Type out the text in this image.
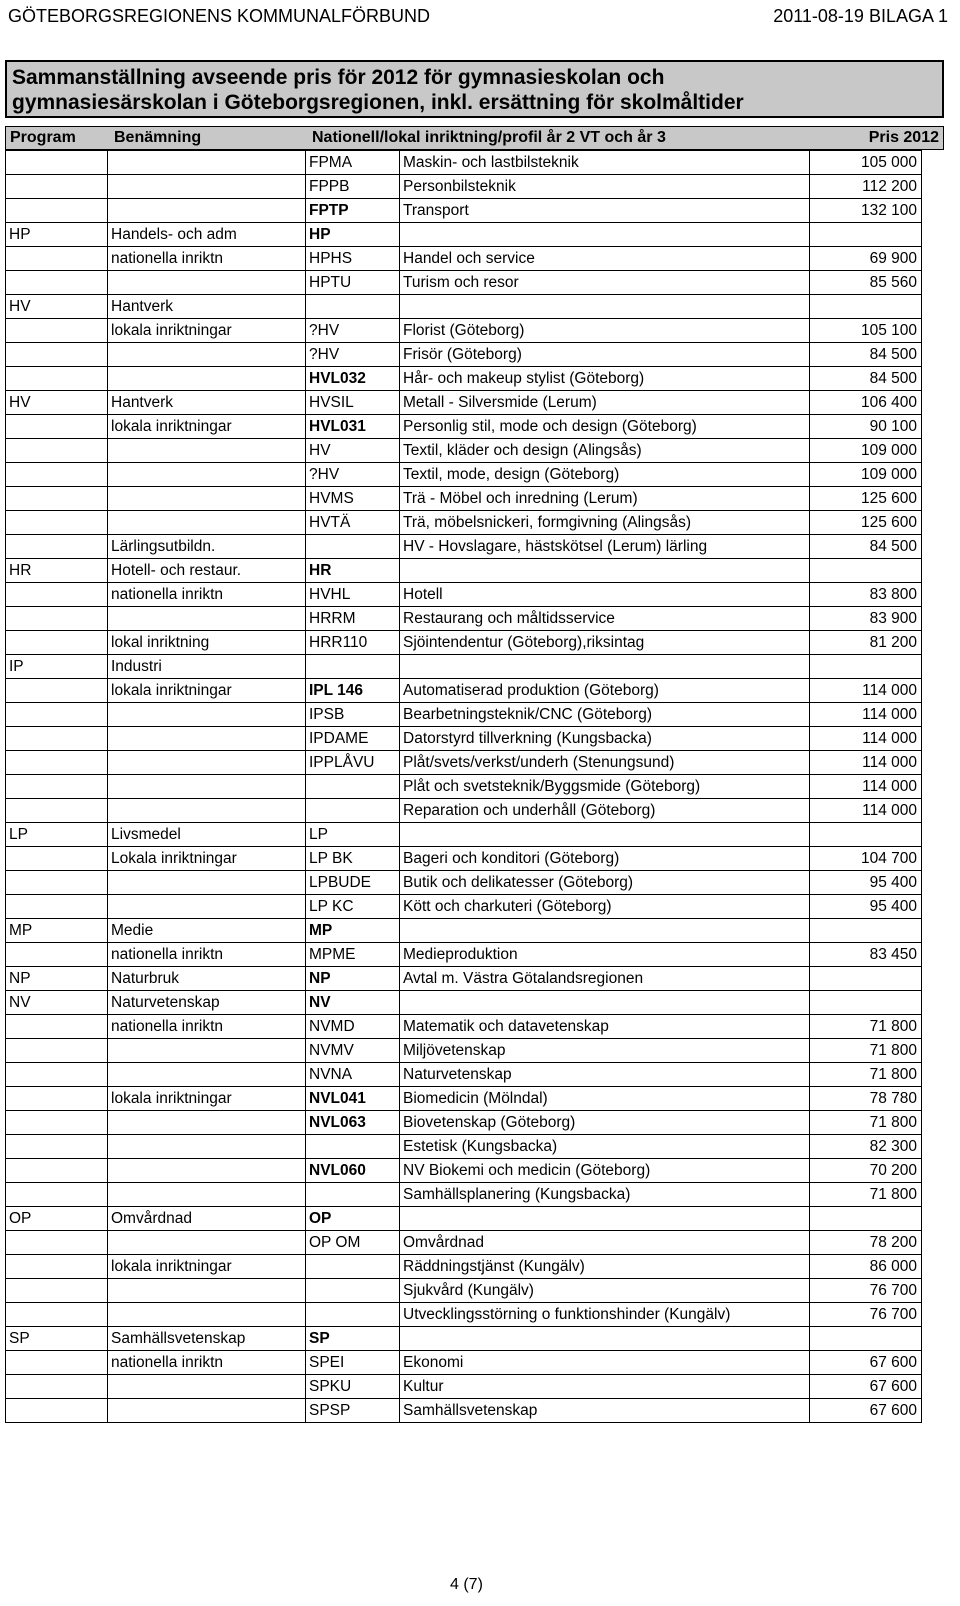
GÖTEBORGSREGIONENS KOMMUNALFÖRBUND	2011-08-19 BILAGA 1
Sammanställning avseende pris för 2012 för gymnasieskolan och
gymnasiesärskolan i Göteborgsregionen, inkl. ersättning för skolmåltider
Program Benämning	Nationell/lokal inriktning/profil år 2 VT och år 3	Pris 2012
		FPMA	Maskin- och lastbilsteknik	105 000
		FPPB	Personbilsteknik	112 200
		FPTP	Transport	132 100
HP	Handels- och adm	HP		
	nationella inriktn	HPHS	Handel och service	69 900
		HPTU	Turism och resor	85 560
HV	Hantverk			
	lokala inriktningar	?HV	Florist (Göteborg)	105 100
		?HV	Frisör (Göteborg)	84 500
		HVL032	Hår- och makeup stylist (Göteborg)	84 500
HV	Hantverk	HVSIL	Metall - Silversmide (Lerum)	106 400
	lokala inriktningar	HVL031	Personlig stil, mode och design (Göteborg)	90 100
		HV	Textil, kläder och design (Alingsås)	109 000
		?HV	Textil, mode, design (Göteborg)	109 000
		HVMS	Trä - Möbel och inredning (Lerum)	125 600
		HVTÄ	Trä, möbelsnickeri, formgivning (Alingsås)	125 600
	Lärlingsutbildn.		HV - Hovslagare, hästskötsel (Lerum) lärling	84 500
HR	Hotell- och restaur.	HR		
	nationella inriktn	HVHL	Hotell	83 800
		HRRM	Restaurang och måltidsservice	83 900
	lokal inriktning	HRR110	Sjöintendentur (Göteborg),riksintag	81 200
IP	Industri			
	lokala inriktningar	IPL 146	Automatiserad produktion (Göteborg)	114 000
		IPSB	Bearbetningsteknik/CNC (Göteborg)	114 000
		IPDAME	Datorstyrd tillverkning (Kungsbacka)	114 000
		IPPLÅVU	Plåt/svets/verkst/underh (Stenungsund)	114 000
			Plåt och svetsteknik/Byggsmide (Göteborg)	114 000
			Reparation och underhåll (Göteborg)	114 000
LP	Livsmedel	LP		
	Lokala inriktningar	LP BK	Bageri och konditori (Göteborg)	104 700
		LPBUDE	Butik och delikatesser (Göteborg)	95 400
		LP KC	Kött och charkuteri (Göteborg)	95 400
MP	Medie	MP		
	nationella inriktn	MPME	Medieproduktion	83 450
NP	Naturbruk	NP	Avtal m. Västra Götalandsregionen	
NV	Naturvetenskap	NV		
	nationella inriktn	NVMD	Matematik och datavetenskap	71 800
		NVMV	Miljövetenskap	71 800
		NVNA	Naturvetenskap	71 800
	lokala inriktningar	NVL041	Biomedicin (Mölndal)	78 780
		NVL063	Biovetenskap (Göteborg)	71 800
			Estetisk (Kungsbacka)	82 300
		NVL060	NV Biokemi och medicin (Göteborg)	70 200
			Samhällsplanering (Kungsbacka)	71 800
OP	Omvårdnad	OP		
		OP OM	Omvårdnad	78 200
	lokala inriktningar		Räddningstjänst (Kungälv)	86 000
			Sjukvård (Kungälv)	76 700
			Utvecklingsstörning o funktionshinder (Kungälv)	76 700
SP	Samhällsvetenskap	SP		
	nationella inriktn	SPEI	Ekonomi	67 600
		SPKU	Kultur	67 600
		SPSP	Samhällsvetenskap	67 600
4 (7)
